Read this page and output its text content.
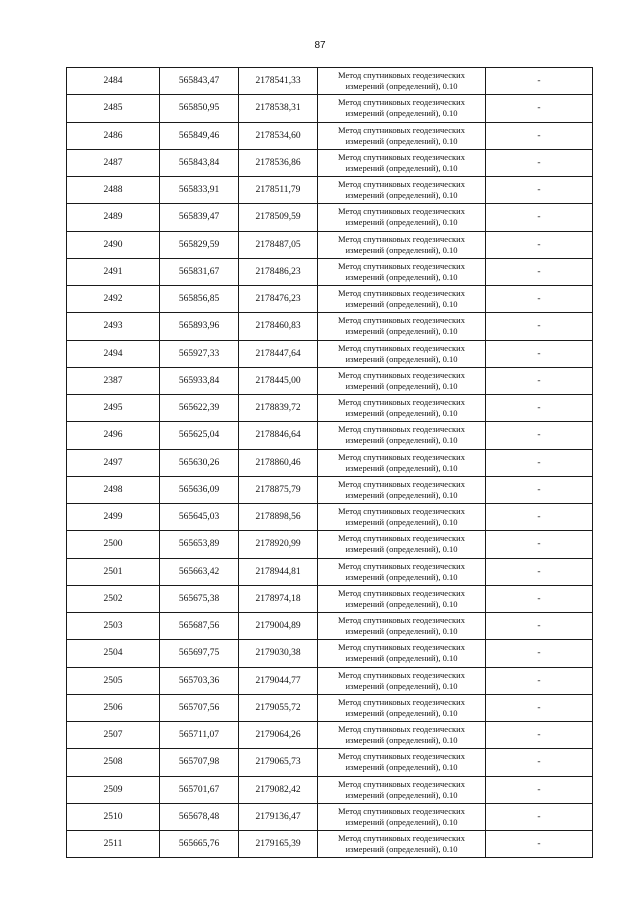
87
2484	565843,47	2178541,33	Метод спутниковых геодезических
измерений (определений), 0.10	-
2485	565850,95	2178538,31	Метод спутниковых геодезических
измерений (определений), 0.10	-
2486	565849,46	2178534,60	Метод спутниковых геодезических
измерений (определений), 0.10	-
2487	565843,84	2178536,86	Метод спутниковых геодезических
измерений (определений), 0.10	-
2488	565833,91	2178511,79	Метод спутниковых геодезических
измерений (определений), 0.10	-
2489	565839,47	2178509,59	Метод спутниковых геодезических
измерений (определений), 0.10	-
2490	565829,59	2178487,05	Метод спутниковых геодезических
измерений (определений), 0.10	-
2491	565831,67	2178486,23	Метод спутниковых геодезических
измерений (определений), 0.10	-
2492	565856,85	2178476,23	Метод спутниковых геодезических
измерений (определений), 0.10	-
2493	565893,96	2178460,83	Метод спутниковых геодезических
измерений (определений), 0.10	-
2494	565927,33	2178447,64	Метод спутниковых геодезических
измерений (определений), 0.10	-
2387	565933,84	2178445,00	Метод спутниковых геодезических
измерений (определений), 0.10	-
2495	565622,39	2178839,72	Метод спутниковых геодезических
измерений (определений), 0.10	-
2496	565625,04	2178846,64	Метод спутниковых геодезических
измерений (определений), 0.10	-
2497	565630,26	2178860,46	Метод спутниковых геодезических
измерений (определений), 0.10	-
2498	565636,09	2178875,79	Метод спутниковых геодезических
измерений (определений), 0.10	-
2499	565645,03	2178898,56	Метод спутниковых геодезических
измерений (определений), 0.10	-
2500	565653,89	2178920,99	Метод спутниковых геодезических
измерений (определений), 0.10	-
2501	565663,42	2178944,81	Метод спутниковых геодезических
измерений (определений), 0.10	-
2502	565675,38	2178974,18	Метод спутниковых геодезических
измерений (определений), 0.10	-
2503	565687,56	2179004,89	Метод спутниковых геодезических
измерений (определений), 0.10	-
2504	565697,75	2179030,38	Метод спутниковых геодезических
измерений (определений), 0.10	-
2505	565703,36	2179044,77	Метод спутниковых геодезических
измерений (определений), 0.10	-
2506	565707,56	2179055,72	Метод спутниковых геодезических
измерений (определений), 0.10	-
2507	565711,07	2179064,26	Метод спутниковых геодезических
измерений (определений), 0.10	-
2508	565707,98	2179065,73	Метод спутниковых геодезических
измерений (определений), 0.10	-
2509	565701,67	2179082,42	Метод спутниковых геодезических
измерений (определений), 0.10	-
2510	565678,48	2179136,47	Метод спутниковых геодезических
измерений (определений), 0.10	-
2511	565665,76	2179165,39	Метод спутниковых геодезических
измерений (определений), 0.10	-
